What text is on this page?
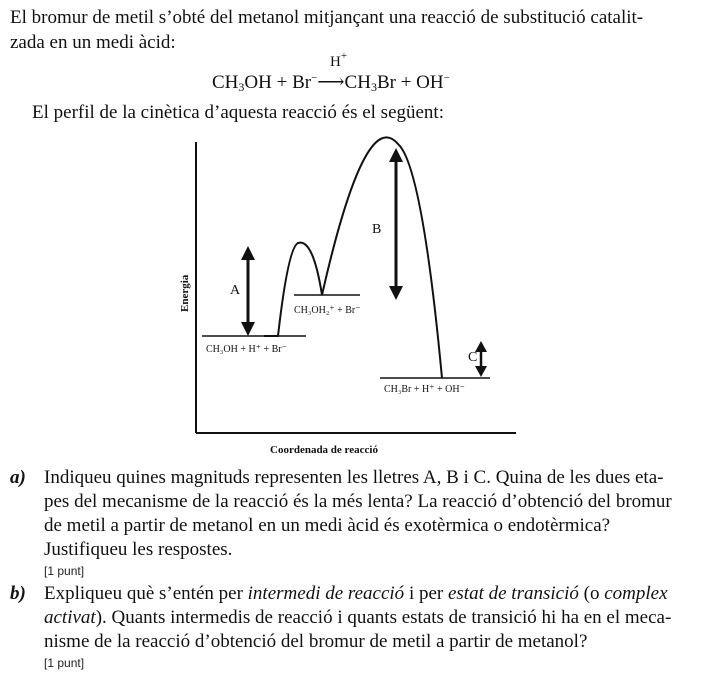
El bromur de metil s’obté del metanol mitjançant una reacció de substitució catalit-
zada en un medi àcid:
H+
$CH_3OH$ + $Br^-⟶CH_3Br + OH^-$
El perfil de la cinètica d’aquesta reacció és el següent:
A
B
C
CH₃OH + H⁺ + Br⁻
CH₃OH₂⁺ + Br⁻
CH₃Br + H⁺ + OH⁻
Energia
Coordenada de reacció
a) Indiqueu quines magnituds representen les lletres A, B i C. Quina de les dues eta-
pes del mecanisme de la reacció és la més lenta? La reacció d’obtenció del bromur
de metil a partir de metanol en un medi àcid és exotèrmica o endotèrmica?
Justifiqueu les respostes.
[1 punt]
b) Expliqueu què s’entén per intermedi de reacció i per estat de transició (o complex
activat). Quants intermedis de reacció i quants estats de transició hi ha en el meca-
nisme de la reacció d’obtenció del bromur de metil a partir de metanol?
[1 punt]
